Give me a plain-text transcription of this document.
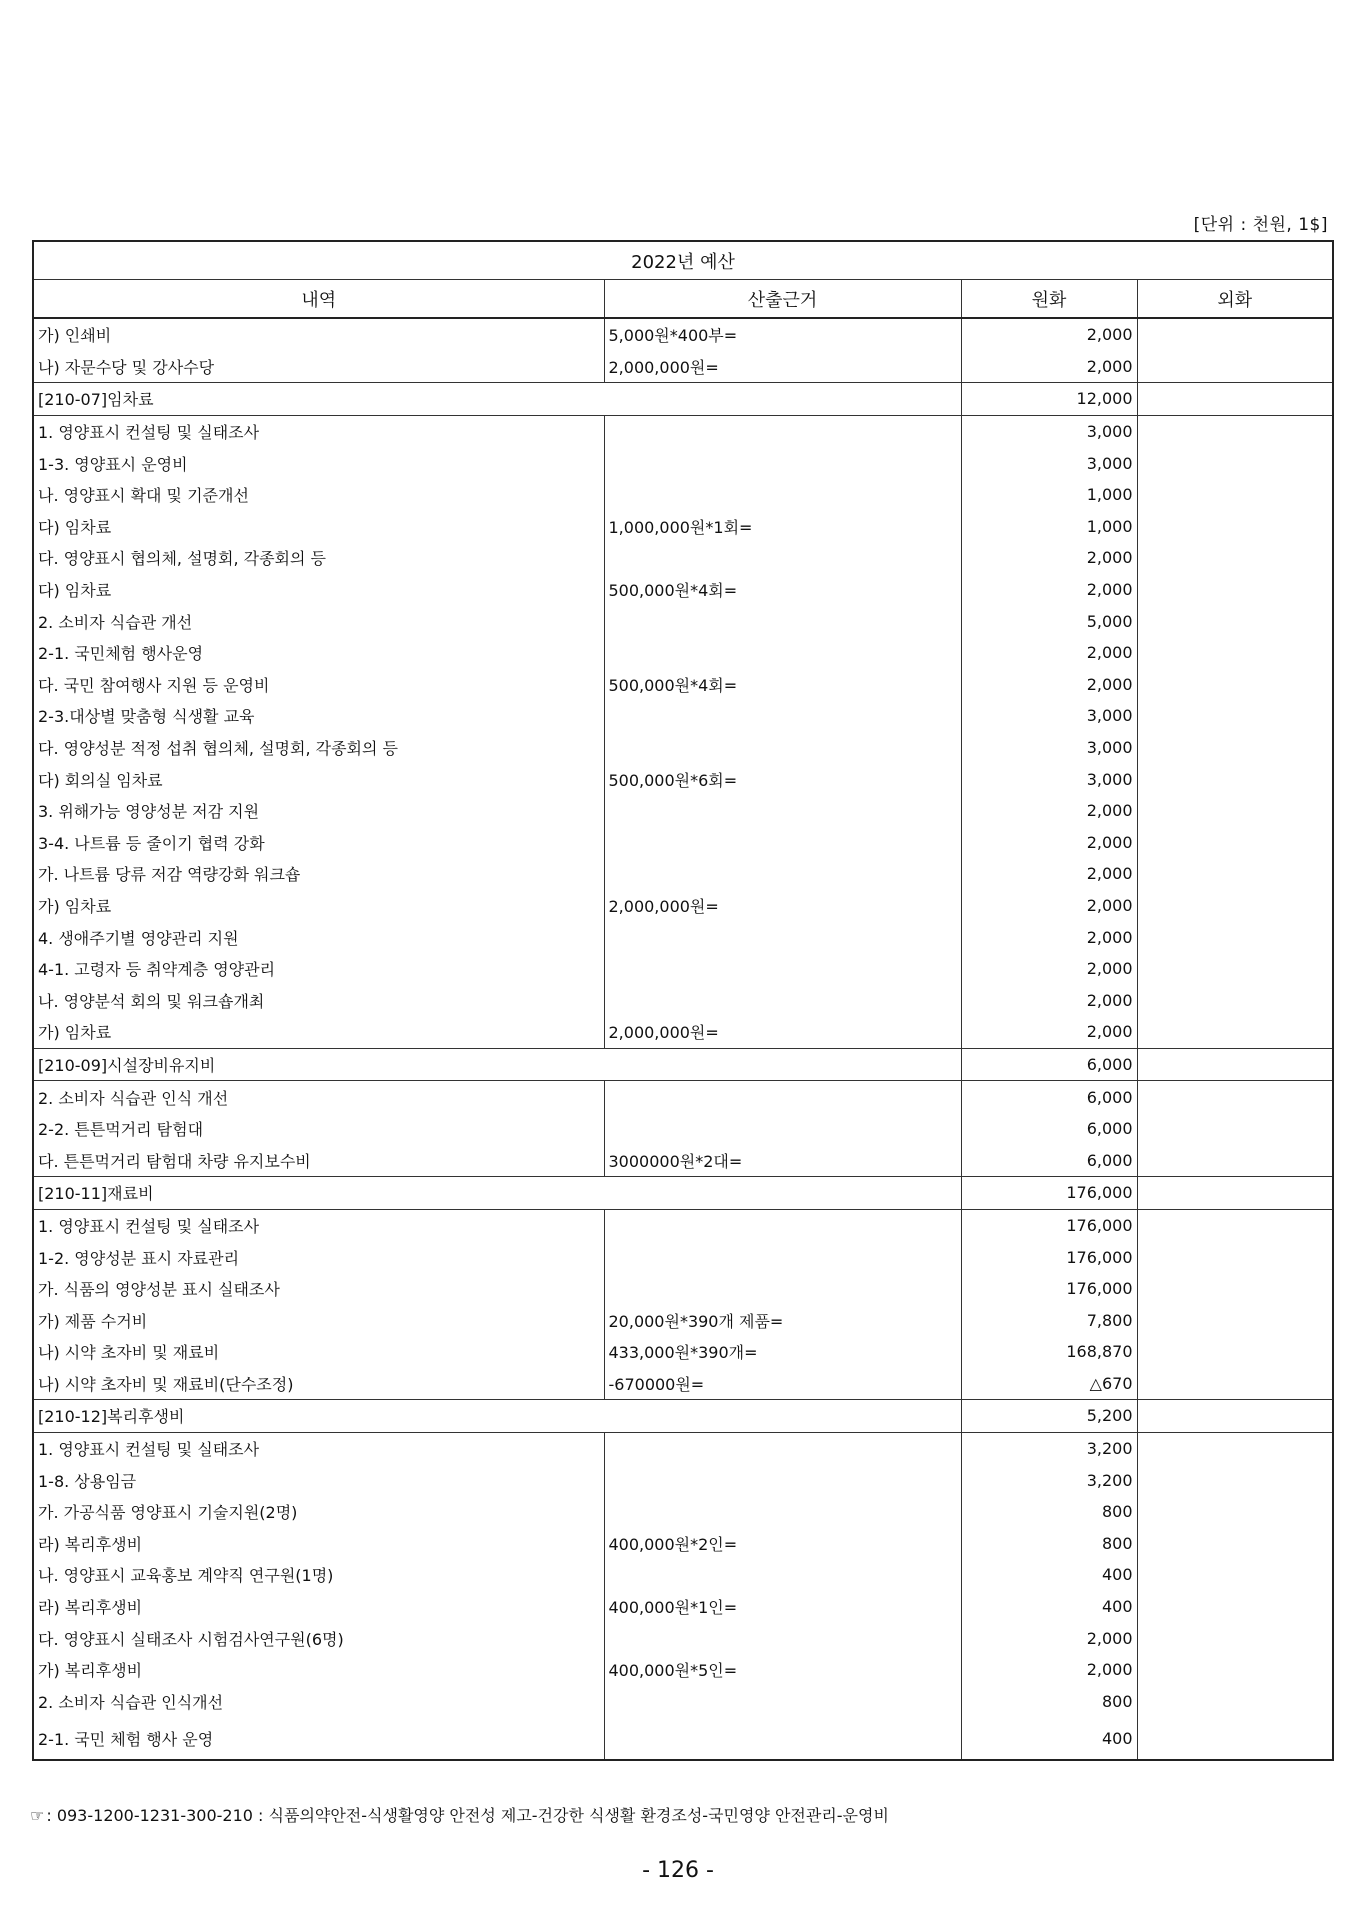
[단위 : 천원, 1$]
2022년 예산			
내역	산출근거	원화	외화
가) 인쇄비	5,000원*400부=	2,000	
나) 자문수당 및 강사수당	2,000,000원=	2,000	
[210-07]임차료		12,000	
1. 영양표시 컨설팅 및 실태조사		3,000	
1-3. 영양표시 운영비		3,000	
나. 영양표시 확대 및 기준개선		1,000	
다) 임차료	1,000,000원*1회=	1,000	
다. 영양표시 협의체, 설명회, 각종회의 등		2,000	
다) 임차료	500,000원*4회=	2,000	
2. 소비자 식습관 개선		5,000	
2-1. 국민체험 행사운영		2,000	
다. 국민 참여행사 지원 등 운영비	500,000원*4회=	2,000	
2-3.대상별 맞춤형 식생활 교육		3,000	
다. 영양성분 적정 섭취 협의체, 설명회, 각종회의 등		3,000	
다) 회의실 임차료	500,000원*6회=	3,000	
3. 위해가능 영양성분 저감 지원		2,000	
3-4. 나트륨 등 줄이기 협력 강화		2,000	
가. 나트륨 당류 저감 역량강화 워크숍		2,000	
가) 임차료	2,000,000원=	2,000	
4. 생애주기별 영양관리 지원		2,000	
4-1. 고령자 등 취약계층 영양관리		2,000	
나. 영양분석 회의 및 워크숍개최		2,000	
가) 임차료	2,000,000원=	2,000	
[210-09]시설장비유지비		6,000	
2. 소비자 식습관 인식 개선		6,000	
2-2. 튼튼먹거리 탐험대		6,000	
다. 튼튼먹거리 탐험대 차량 유지보수비	3000000원*2대=	6,000	
[210-11]재료비		176,000	
1. 영양표시 컨설팅 및 실태조사		176,000	
1-2. 영양성분 표시 자료관리		176,000	
가. 식품의 영양성분 표시 실태조사		176,000	
가) 제품 수거비	20,000원*390개 제품=	7,800	
나) 시약 초자비 및 재료비	433,000원*390개=	168,870	
나) 시약 초자비 및 재료비(단수조정)	-670000원=	△670	
[210-12]복리후생비		5,200	
1. 영양표시 컨설팅 및 실태조사		3,200	
1-8. 상용임금		3,200	
가. 가공식품 영양표시 기술지원(2명)		800	
라) 복리후생비	400,000원*2인=	800	
나. 영양표시 교육홍보 계약직 연구원(1명)		400	
라) 복리후생비	400,000원*1인=	400	
다. 영양표시 실태조사 시험검사연구원(6명)		2,000	
가) 복리후생비	400,000원*5인=	2,000	
2. 소비자 식습관 인식개선		800	
2-1. 국민 체험 행사 운영		400	
☞ : 093-1200-1231-300-210 : 식품의약안전-식생활영양 안전성 제고-건강한 식생활 환경조성-국민영양 안전관리-운영비
- 126 -
